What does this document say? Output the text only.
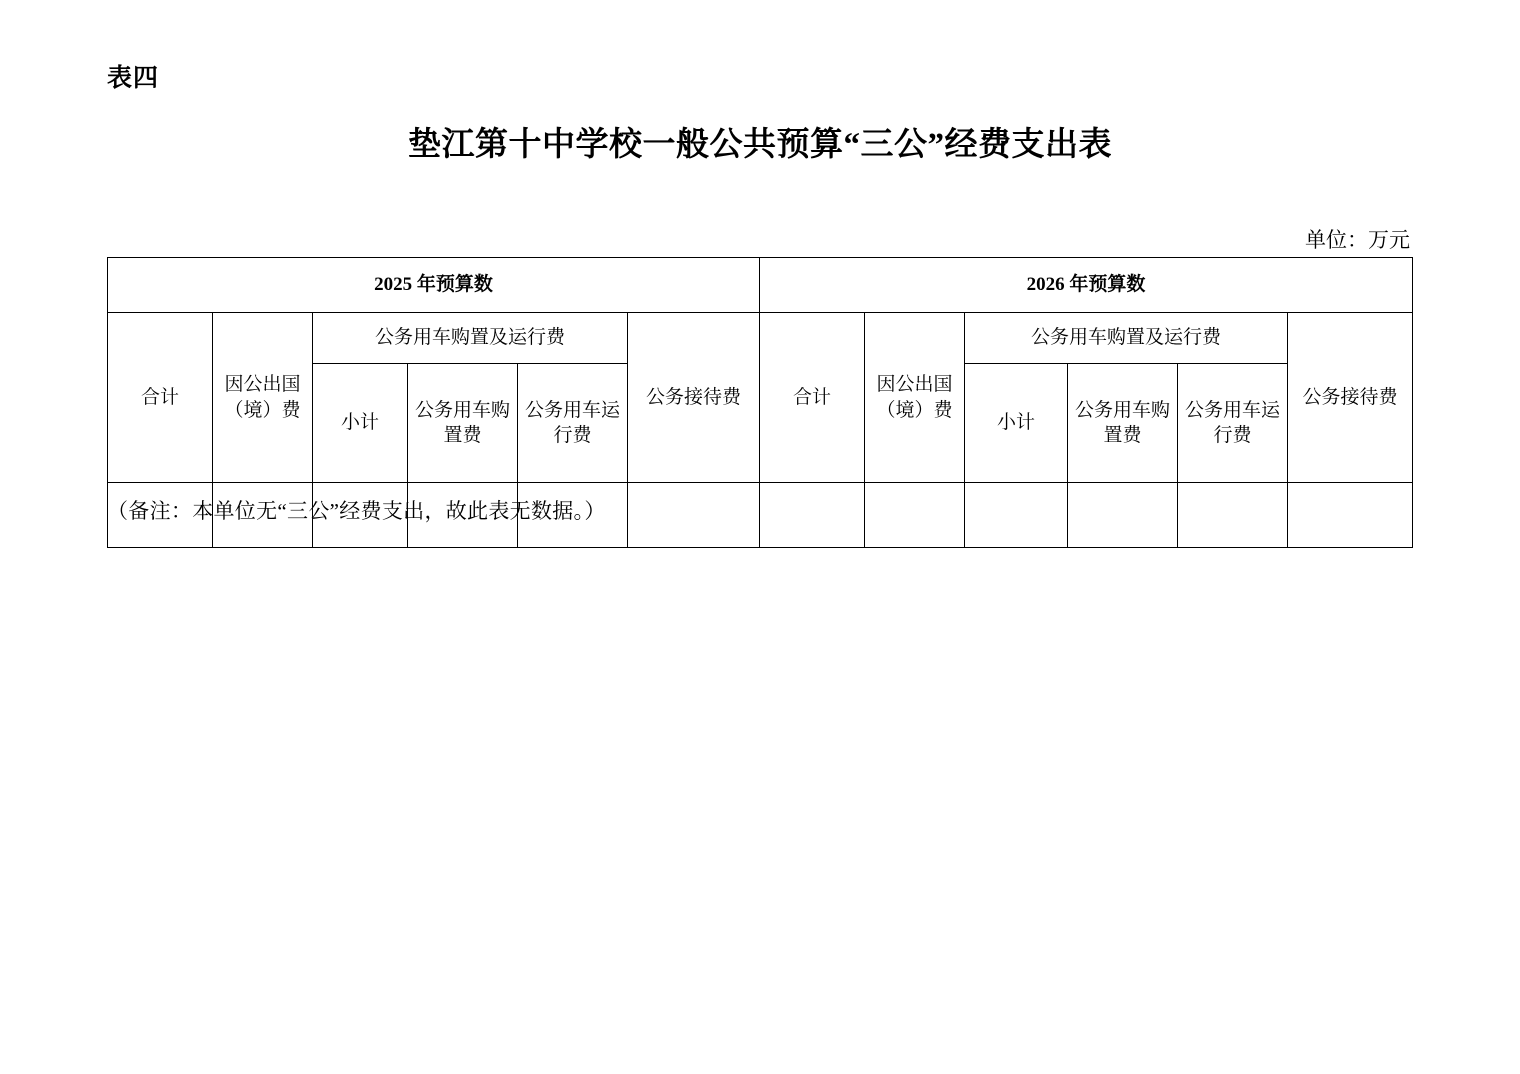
表四
垫江第十中学校一般公共预算“三公”经费支出表
单位：万元
2025 年预算数						2026 年预算数					
合计	因公出国（境）费	公务用车购置及运行费			公务接待费	合计	因公出国（境）费	公务用车购置及运行费			公务接待费
		小计	公务用车购置费	公务用车运行费				小计	公务用车购置费	公务用车运行费	

（备注：本单位无“三公”经费支出，故此表无数据。）
